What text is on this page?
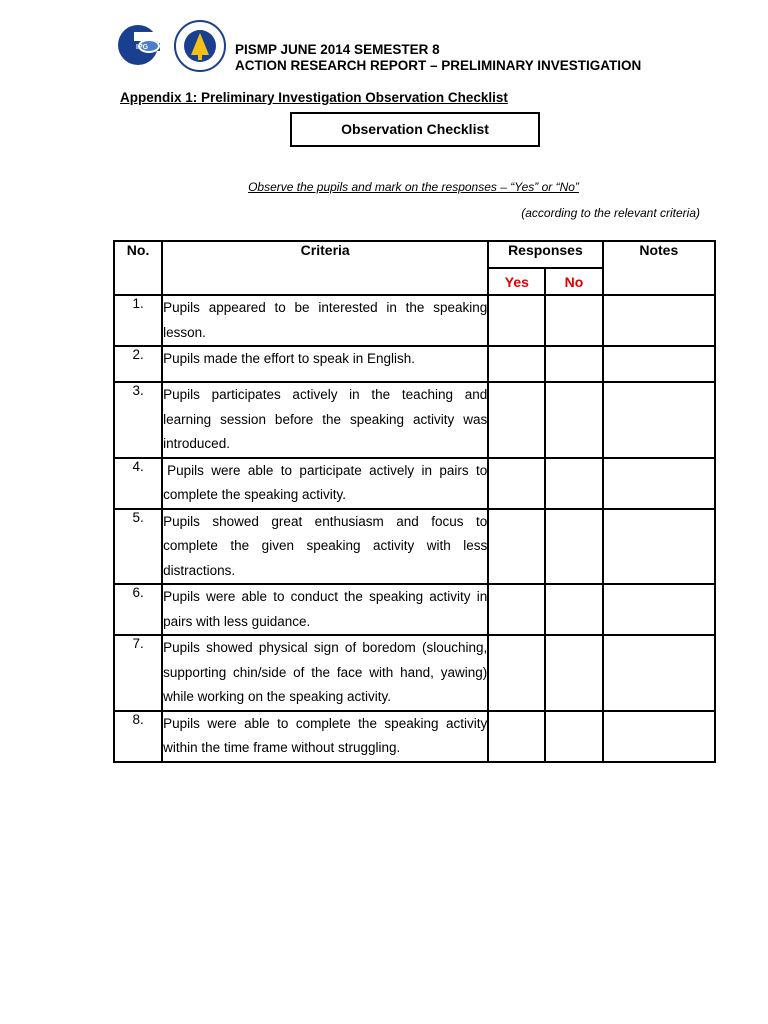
IPG	PISMP JUNE 2014 SEMESTER 8
ACTION RESEARCH REPORT – PRELIMINARY INVESTIGATION
Appendix 1: Preliminary Investigation Observation Checklist
Observation Checklist
Observe the pupils and mark on the responses – “Yes” or “No”
(according to the relevant criteria)
No.	Criteria	Responses		Notes
		Yes	No	
1.	Pupils appeared to be interested in the speaking lesson.			
2.	Pupils made the effort to speak in English.			
3.	Pupils participates actively in the teaching and learning session before the speaking activity was introduced.			
4.	Pupils were able to participate actively in pairs to complete the speaking activity.			
5.	Pupils showed great enthusiasm and focus to complete the given speaking activity with less distractions.			
6.	Pupils were able to conduct the speaking activity in pairs with less guidance.			
7.	Pupils showed physical sign of boredom (slouching, supporting chin/side of the face with hand, yawing) while working on the speaking activity.			
8.	Pupils were able to complete the speaking activity within the time frame without struggling.			
